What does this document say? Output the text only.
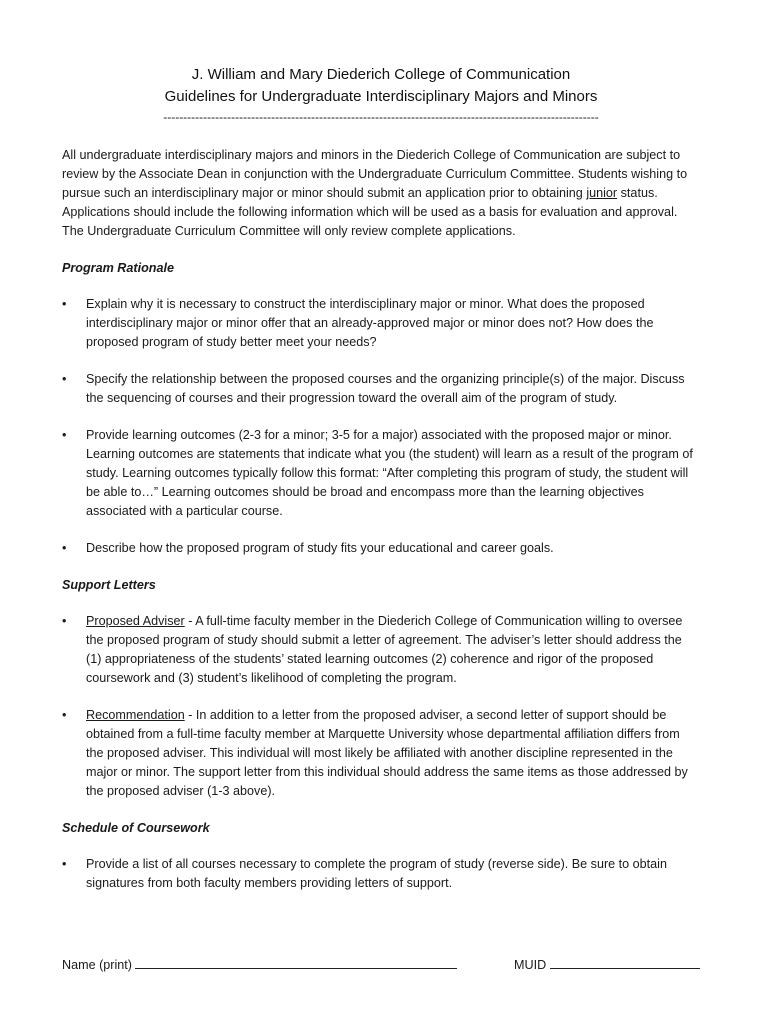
J. William and Mary Diederich College of Communication
Guidelines for Undergraduate Interdisciplinary Majors and Minors
-------------------------------------------------------------------------------------------------------------
All undergraduate interdisciplinary majors and minors in the Diederich College of Communication are subject to review by the Associate Dean in conjunction with the Undergraduate Curriculum Committee. Students wishing to pursue such an interdisciplinary major or minor should submit an application prior to obtaining junior status. Applications should include the following information which will be used as a basis for evaluation and approval. The Undergraduate Curriculum Committee will only review complete applications.
Program Rationale
•	Explain why it is necessary to construct the interdisciplinary major or minor. What does the proposed interdisciplinary major or minor offer that an already-approved major or minor does not? How does the proposed program of study better meet your needs?
•	Specify the relationship between the proposed courses and the organizing principle(s) of the major. Discuss the sequencing of courses and their progression toward the overall aim of the program of study.
•	Provide learning outcomes (2-3 for a minor; 3-5 for a major) associated with the proposed major or minor. Learning outcomes are statements that indicate what you (the student) will learn as a result of the program of study. Learning outcomes typically follow this format: “After completing this program of study, the student will be able to…” Learning outcomes should be broad and encompass more than the learning objectives associated with a particular course.
•	Describe how the proposed program of study fits your educational and career goals.
Support Letters
•	Proposed Adviser - A full-time faculty member in the Diederich College of Communication willing to oversee the proposed program of study should submit a letter of agreement. The adviser’s letter should address the (1) appropriateness of the students’ stated learning outcomes (2) coherence and rigor of the proposed coursework and (3) student’s likelihood of completing the program.
•	Recommendation - In addition to a letter from the proposed adviser, a second letter of support should be obtained from a full-time faculty member at Marquette University whose departmental affiliation differs from the proposed adviser. This individual will most likely be affiliated with another discipline represented in the major or minor. The support letter from this individual should address the same items as those addressed by the proposed adviser (1-3 above).
Schedule of Coursework
•	Provide a list of all courses necessary to complete the program of study (reverse side). Be sure to obtain signatures from both faculty members providing letters of support.
Name (print)	MUID
